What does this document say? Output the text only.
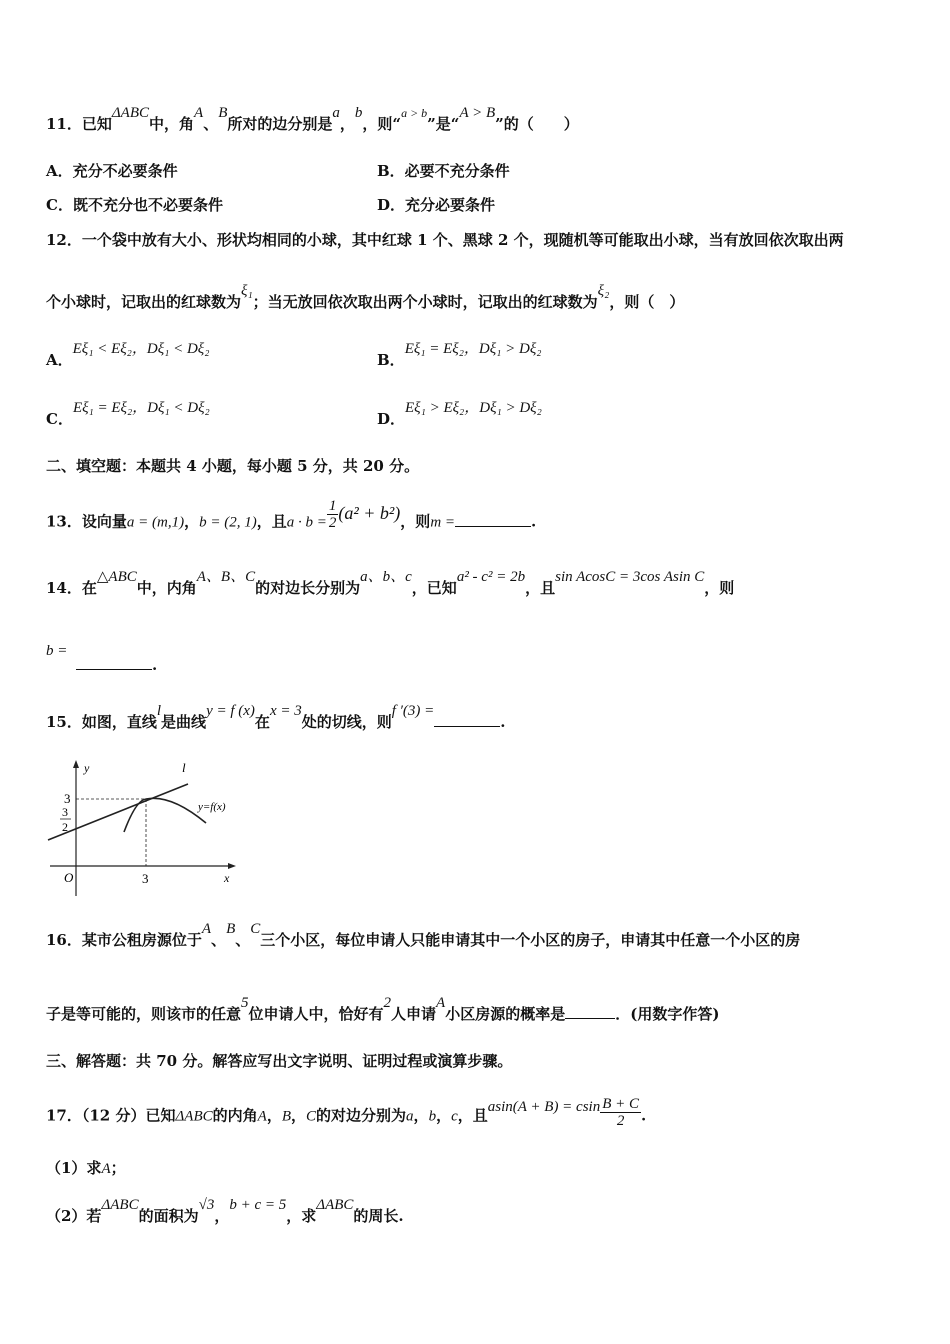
11．已知ΔABC中，角A、B所对的边分别是a，b，则“$^{a > b}$”是“A > B”的（　　）
A．充分不必要条件	B．必要不充分条件
C．既不充分也不必要条件	D．充分必要条件
12．一个袋中放有大小、形状均相同的小球，其中红球 1 个、黑球 2 个，现随机等可能取出小球，当有放回依次取出两
个小球时，记取出的红球数为ξ₁；当无放回依次取出两个小球时，记取出的红球数为ξ₂，则（　）
A．Eξ₁ < Eξ₂，Dξ₁ < Dξ₂
B．Eξ₁ = Eξ₂，Dξ₁ > Dξ₂
C．Eξ₁ = Eξ₂，Dξ₁ < Dξ₂
D．Eξ₁ > Eξ₂，Dξ₁ > Dξ₂
二、填空题：本题共 4 小题，每小题 5 分，共 20 分。
13．设向量a = (m,1)，b = (2, 1)，且$a \cdot b = \frac{1}{2} (a^2 + b^2)$，则m =	.
14．在△ABC中，内角A、B、C的对边长分别为a、b、c，已知a² - c² = 2b，且sin AcosC = 3cos Asin C，则
b =
.
15．如图，直线l是曲线y = f (x)在x = 3处的切线，则f ′(3) =.
y
x
O	3
3
3
2
l
y=f(x)
16．某市公租房源位于A、B、C三个小区，每位申请人只能申请其中一个小区的房子，申请其中任意一个小区的房
子是等可能的，则该市的任意5位申请人中，恰好有2人申请A小区房源的概率是	．(用数字作答)
三、解答题：共 70 分。解答应写出文字说明、证明过程或演算步骤。
17．（12 分）已知ΔABC的内角A，B，C的对边分别为a，b，c，且asin(A + B) = csin $\frac{B + C}{2}$ .
（1）求A；
（2）若ΔABC的面积为√3，b + c = 5，求ΔABC的周长.
